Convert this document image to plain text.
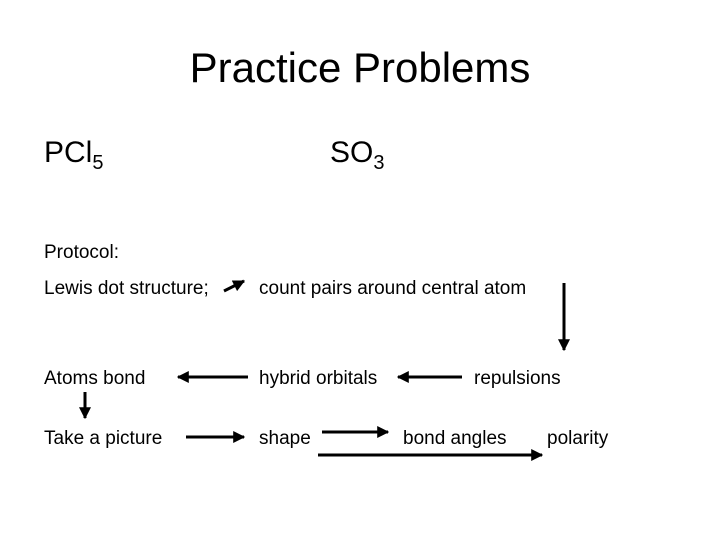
Practice Problems
PCl$_5$	$SO_3$
Protocol:
Lewis dot structure;	count pairs around central atom
Atoms bond	hybrid orbitals	repulsions
Take a picture	shape	bond angles polarity
